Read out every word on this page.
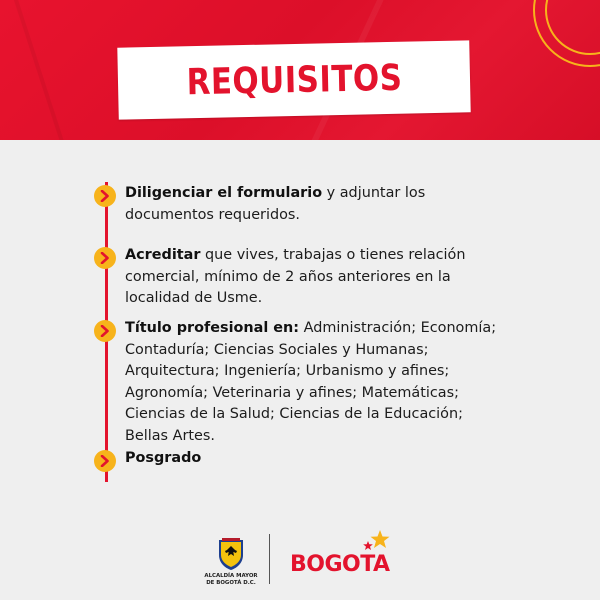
REQUISITOS
Diligenciar el formulario y adjuntar los documentos requeridos.
Acreditar que vives, trabajas o tienes relación comercial, mínimo de 2 años anteriores en la localidad de Usme.
Título profesional en: Administración; Economía; Contaduría; Ciencias Sociales y Humanas; Arquitectura; Ingeniería; Urbanismo y afines; Agronomía; Veterinaria y afines; Matemáticas; Ciencias de la Salud; Ciencias de la Educación; Bellas Artes.
Posgrado
ALCALDÍA MAYOR
DE BOGOTÁ D.C.
BOGOTA
